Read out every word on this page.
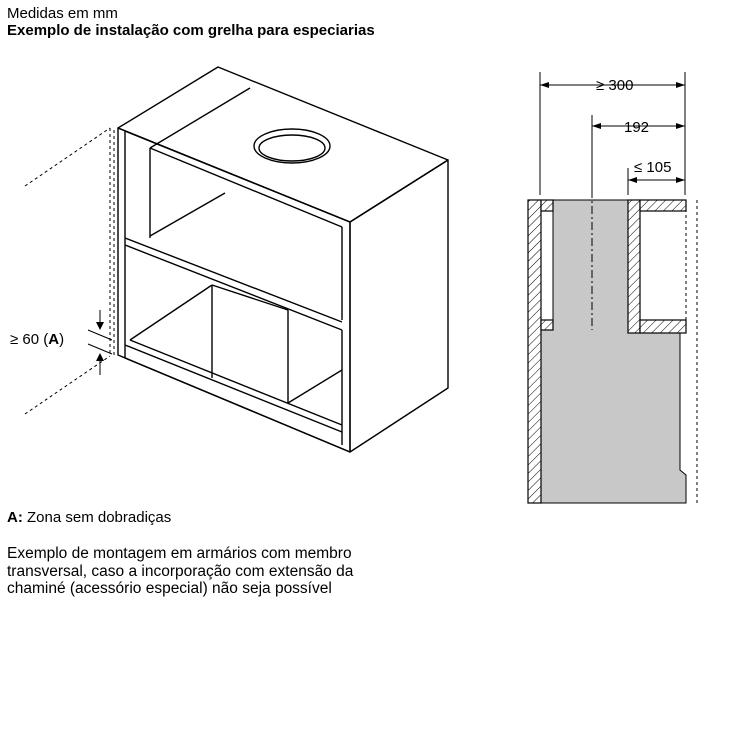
Medidas em mm
Exemplo de instalação com grelha para especiarias
≥ 60 (A)
≥ 300
192
≤ 105
A: Zona sem dobradiças
Exemplo de montagem em armários com membro
transversal, caso a incorporação com extensão da
chaminé (acessório especial) não seja possível
